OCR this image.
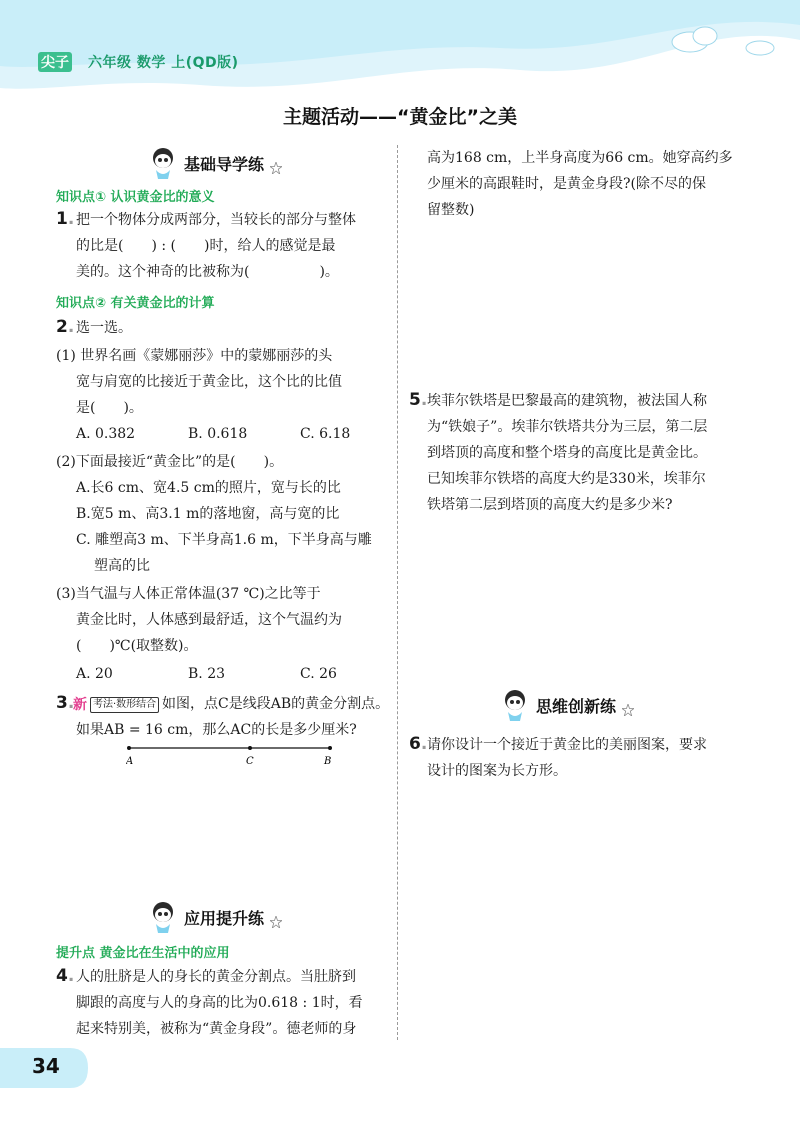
尖子 六年级 数学 上(QD版)
主题活动——“黄金比”之美
基础导学练
知识点① 认识黄金比的意义
1. 把一个物体分成两部分，当较长的部分与整体
的比是(　　) : (　　)时，给人的感觉是最
美的。这个神奇的比被称为(　　　　　)。
知识点② 有关黄金比的计算
2. 选一选。
(1) 世界名画《蒙娜丽莎》中的蒙娜丽莎的头
宽与肩宽的比接近于黄金比，这个比的比值
是(　　)。
A. 0.382	B. 0.618	C. 6.18
(2)下面最接近“黄金比”的是(　　)。
A.长6 cm、宽4.5 cm的照片，宽与长的比
B.宽5 m、高3.1 m的落地窗，高与宽的比
C. 雕塑高3 m、下半身高1.6 m，下半身高与雕
塑高的比
(3)当气温与人体正常体温(37 ℃)之比等于
黄金比时，人体感到最舒适，这个气温约为
(　　)℃(取整数)。
A. 20	B. 23	C. 26
3.
新 考法·数形结合 如图，点C是线段AB的黄金分割点。
如果AB = 16 cm，那么AC的长是多少厘米?
A	C	B
应用提升练
提升点 黄金比在生活中的应用
4. 人的肚脐是人的身长的黄金分割点。当肚脐到
脚跟的高度与人的身高的比为0.618 : 1时，看
起来特别美，被称为“黄金身段”。德老师的身
高为168 cm，上半身高度为66 cm。她穿高约多
少厘米的高跟鞋时，是黄金身段?(除不尽的保
留整数)
5. 埃菲尔铁塔是巴黎最高的建筑物，被法国人称
为“铁娘子”。埃菲尔铁塔共分为三层，第二层
到塔顶的高度和整个塔身的高度比是黄金比。
已知埃菲尔铁塔的高度大约是330米，埃菲尔
铁塔第二层到塔顶的高度大约是多少米?
思维创新练
6. 请你设计一个接近于黄金比的美丽图案，要求
设计的图案为长方形。
34
